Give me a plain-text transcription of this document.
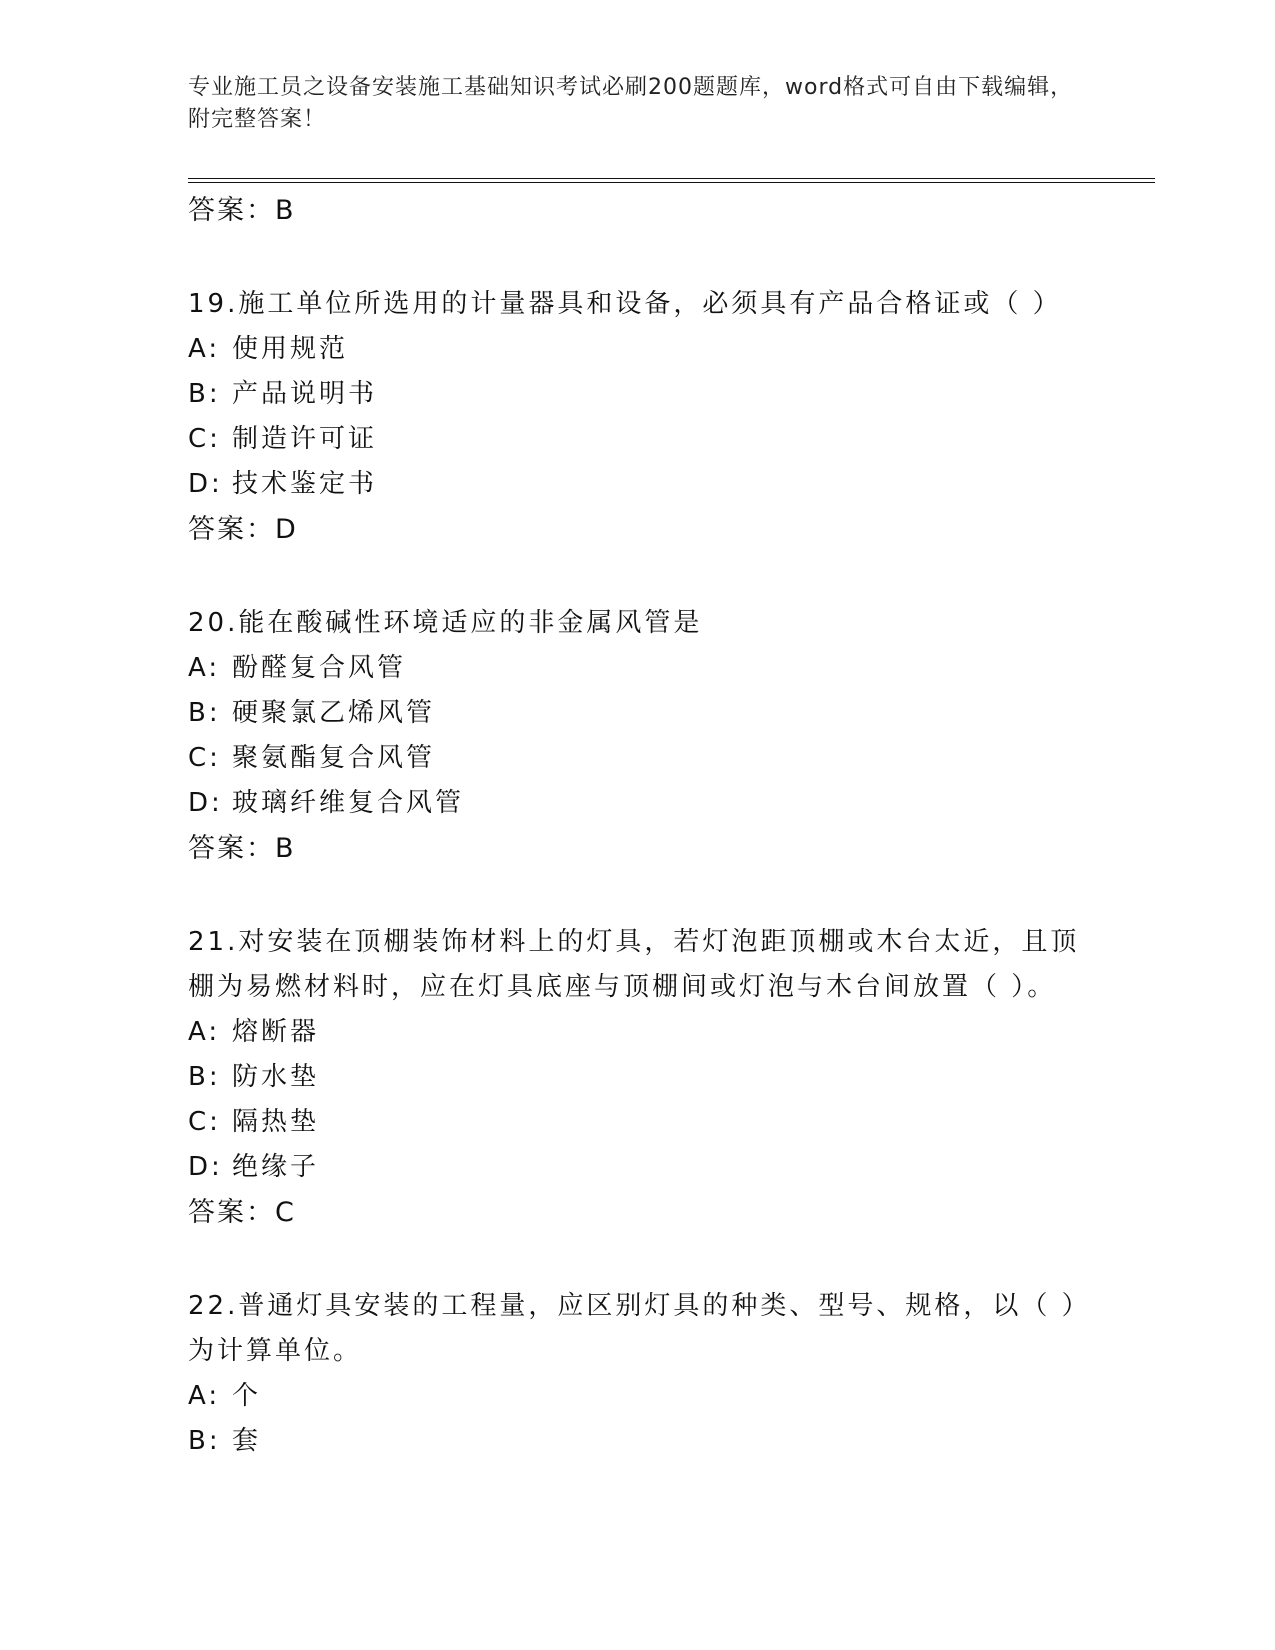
专业施工员之设备安装施工基础知识考试必刷200题题库，word格式可自由下载编辑，附完整答案！
答案：B

19.施工单位所选用的计量器具和设备，必须具有产品合格证或（ ）

A: 使用规范
B: 产品说明书
C: 制造许可证
D: 技术鉴定书
答案：D

20.能在酸碱性环境适应的非金属风管是

A: 酚醛复合风管
B: 硬聚氯乙烯风管
C: 聚氨酯复合风管
D: 玻璃纤维复合风管
答案：B

21.对安装在顶棚装饰材料上的灯具，若灯泡距顶棚或木台太近，且顶棚为易燃材料时，应在灯具底座与顶棚间或灯泡与木台间放置（ ）。

A: 熔断器
B: 防水垫
C: 隔热垫
D: 绝缘子
答案：C

22.普通灯具安装的工程量，应区别灯具的种类、型号、规格，以（ ）为计算单位。

A: 个
B: 套
